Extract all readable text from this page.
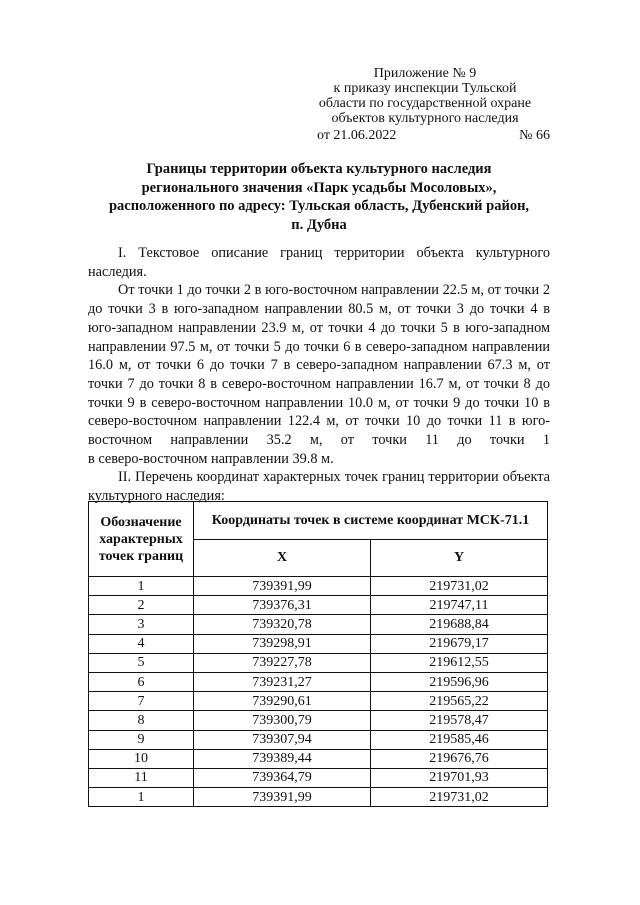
Приложение № 9
к приказу инспекции Тульской
области по государственной охране
объектов культурного наследия
от 21.06.2022	№ 66
Границы территории объекта культурного наследия
регионального значения «Парк усадьбы Мосоловых»,
расположенного по адресу: Тульская область, Дубенский район,
п. Дубна

I. Текстовое описание границ территории объекта культурного наследия.

От точки 1 до точки 2 в юго-восточном направлении 22.5 м, от точки 2 до точки 3 в юго-западном направлении 80.5 м, от точки 3 до точки 4 в юго-западном направлении 23.9 м, от точки 4 до точки 5 в юго-западном направлении 97.5 м, от точки 5 до точки 6 в северо-западном направлении 16.0 м, от точки 6 до точки 7 в северо-западном направлении 67.3 м, от точки 7 до точки 8 в северо-восточном направлении 16.7 м, от точки 8 до точки 9 в северо-восточном направлении 10.0 м, от точки 9 до точки 10 в северо-восточном направлении 122.4 м, от точки 10 до точки 11 в юго-восточном направлении 35.2 м, от точки 11 до точки 1

в северо-восточном направлении 39.8 м.

II. Перечень координат характерных точек границ территории объекта культурного наследия:

Обозначение характерных точек границ	Координаты точек в системе координат МСК-71.1	
	X	Y
1	739391,99	219731,02
2	739376,31	219747,11
3	739320,78	219688,84
4	739298,91	219679,17
5	739227,78	219612,55
6	739231,27	219596,96
7	739290,61	219565,22
8	739300,79	219578,47
9	739307,94	219585,46
10	739389,44	219676,76
11	739364,79	219701,93
1	739391,99	219731,02
